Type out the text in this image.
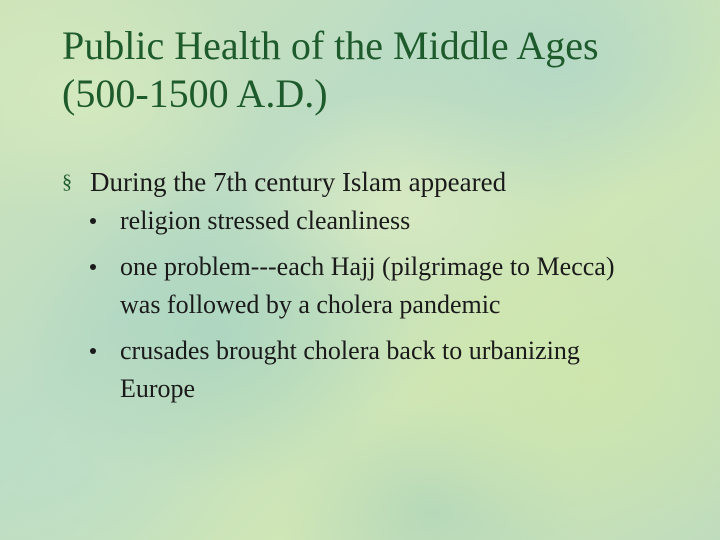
Public Health of the Middle Ages
(500-1500 A.D.)
§ During the 7th century Islam appeared
religion stressed cleanliness
one problem---each Hajj (pilgrimage to Mecca) was followed by a cholera pandemic
crusades brought cholera back to urbanizing Europe
